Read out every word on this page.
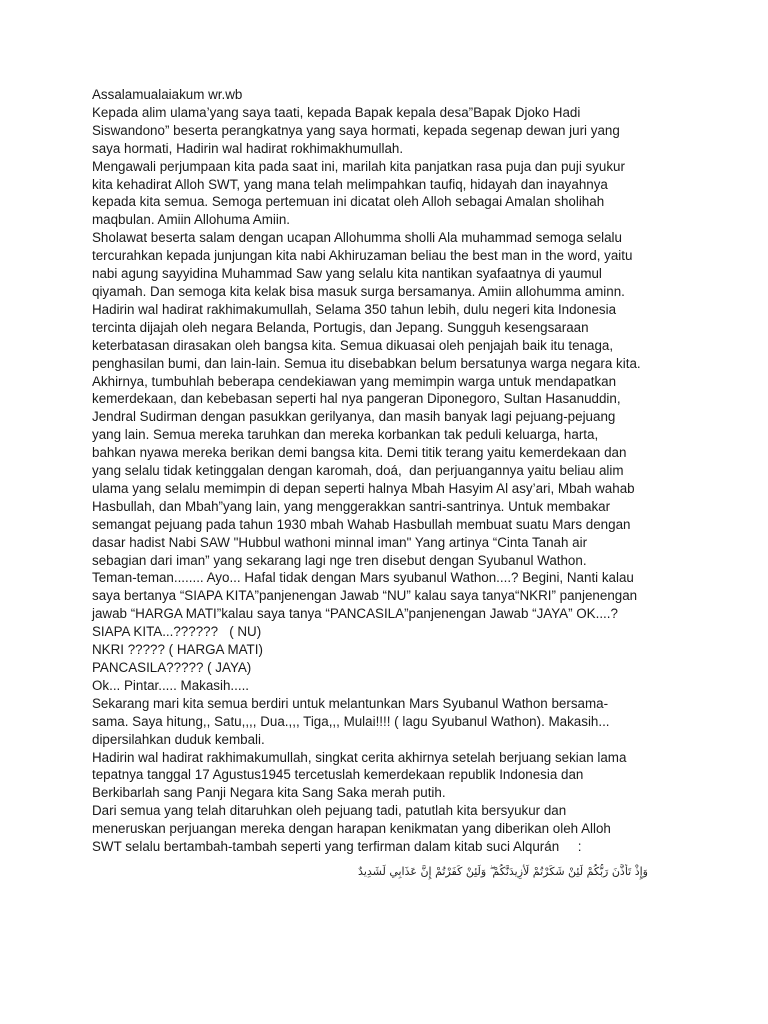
Assalamualaiakum wr.wb
Kepada alim ulama’yang saya taati, kepada Bapak kepala desa”Bapak Djoko Hadi
Siswandono” beserta perangkatnya yang saya hormati, kepada segenap dewan juri yang
saya hormati, Hadirin wal hadirat rokhimakhumullah.
Mengawali perjumpaan kita pada saat ini, marilah kita panjatkan rasa puja dan puji syukur
kita kehadirat Alloh SWT, yang mana telah melimpahkan taufiq, hidayah dan inayahnya
kepada kita semua. Semoga pertemuan ini dicatat oleh Alloh sebagai Amalan sholihah
maqbulan. Amiin Allohuma Amiin.
Sholawat beserta salam dengan ucapan Allohumma sholli Ala muhammad semoga selalu
tercurahkan kepada junjungan kita nabi Akhiruzaman beliau the best man in the word, yaitu
nabi agung sayyidina Muhammad Saw yang selalu kita nantikan syafaatnya di yaumul
qiyamah. Dan semoga kita kelak bisa masuk surga bersamanya. Amiin allohumma aminn.
Hadirin wal hadirat rakhimakumullah, Selama 350 tahun lebih, dulu negeri kita Indonesia
tercinta dijajah oleh negara Belanda, Portugis, dan Jepang. Sungguh kesengsaraan
keterbatasan dirasakan oleh bangsa kita. Semua dikuasai oleh penjajah baik itu tenaga,
penghasilan bumi, dan lain-lain. Semua itu disebabkan belum bersatunya warga negara kita.
Akhirnya, tumbuhlah beberapa cendekiawan yang memimpin warga untuk mendapatkan
kemerdekaan, dan kebebasan seperti hal nya pangeran Diponegoro, Sultan Hasanuddin,
Jendral Sudirman dengan pasukkan gerilyanya, dan masih banyak lagi pejuang-pejuang
yang lain. Semua mereka taruhkan dan mereka korbankan tak peduli keluarga, harta,
bahkan nyawa mereka berikan demi bangsa kita. Demi titik terang yaitu kemerdekaan dan
yang selalu tidak ketinggalan dengan karomah, doá,  dan perjuangannya yaitu beliau alim
ulama yang selalu memimpin di depan seperti halnya Mbah Hasyim Al asy’ari, Mbah wahab
Hasbullah, dan Mbah”yang lain, yang menggerakkan santri-santrinya. Untuk membakar
semangat pejuang pada tahun 1930 mbah Wahab Hasbullah membuat suatu Mars dengan
dasar hadist Nabi SAW "Hubbul wathoni minnal iman" Yang artinya “Cinta Tanah air
sebagian dari iman” yang sekarang lagi nge tren disebut dengan Syubanul Wathon.
Teman-teman........ Ayo... Hafal tidak dengan Mars syubanul Wathon....? Begini, Nanti kalau
saya bertanya “SIAPA KITA”panjenengan Jawab “NU” kalau saya tanya“NKRI” panjenengan
jawab “HARGA MATI”kalau saya tanya “PANCASILA”panjenengan Jawab “JAYA” OK....?
SIAPA KITA...??????   ( NU)
NKRI ????? ( HARGA MATI)
PANCASILA????? ( JAYA)
Ok... Pintar..... Makasih.....
Sekarang mari kita semua berdiri untuk melantunkan Mars Syubanul Wathon bersama-
sama. Saya hitung,, Satu,,,, Dua.,,, Tiga,,, Mulai!!!! ( lagu Syubanul Wathon). Makasih...
dipersilahkan duduk kembali.
Hadirin wal hadirat rakhimakumullah, singkat cerita akhirnya setelah berjuang sekian lama
tepatnya tanggal 17 Agustus1945 tercetuslah kemerdekaan republik Indonesia dan
Berkibarlah sang Panji Negara kita Sang Saka merah putih.
Dari semua yang telah ditaruhkan oleh pejuang tadi, patutlah kita bersyukur dan
meneruskan perjuangan mereka dengan harapan kenikmatan yang diberikan oleh Alloh
SWT selalu bertambah-tambah seperti yang terfirman dalam kitab suci Alqurán     :
وَإِذْ تَأَذَّنَ رَبُّكُمْ لَئِنْ شَكَرْتُمْ لَأَزِيدَنَّكُمْ ۖ وَلَئِنْ كَفَرْتُمْ إِنَّ عَذَابِي لَشَدِيدٌ
